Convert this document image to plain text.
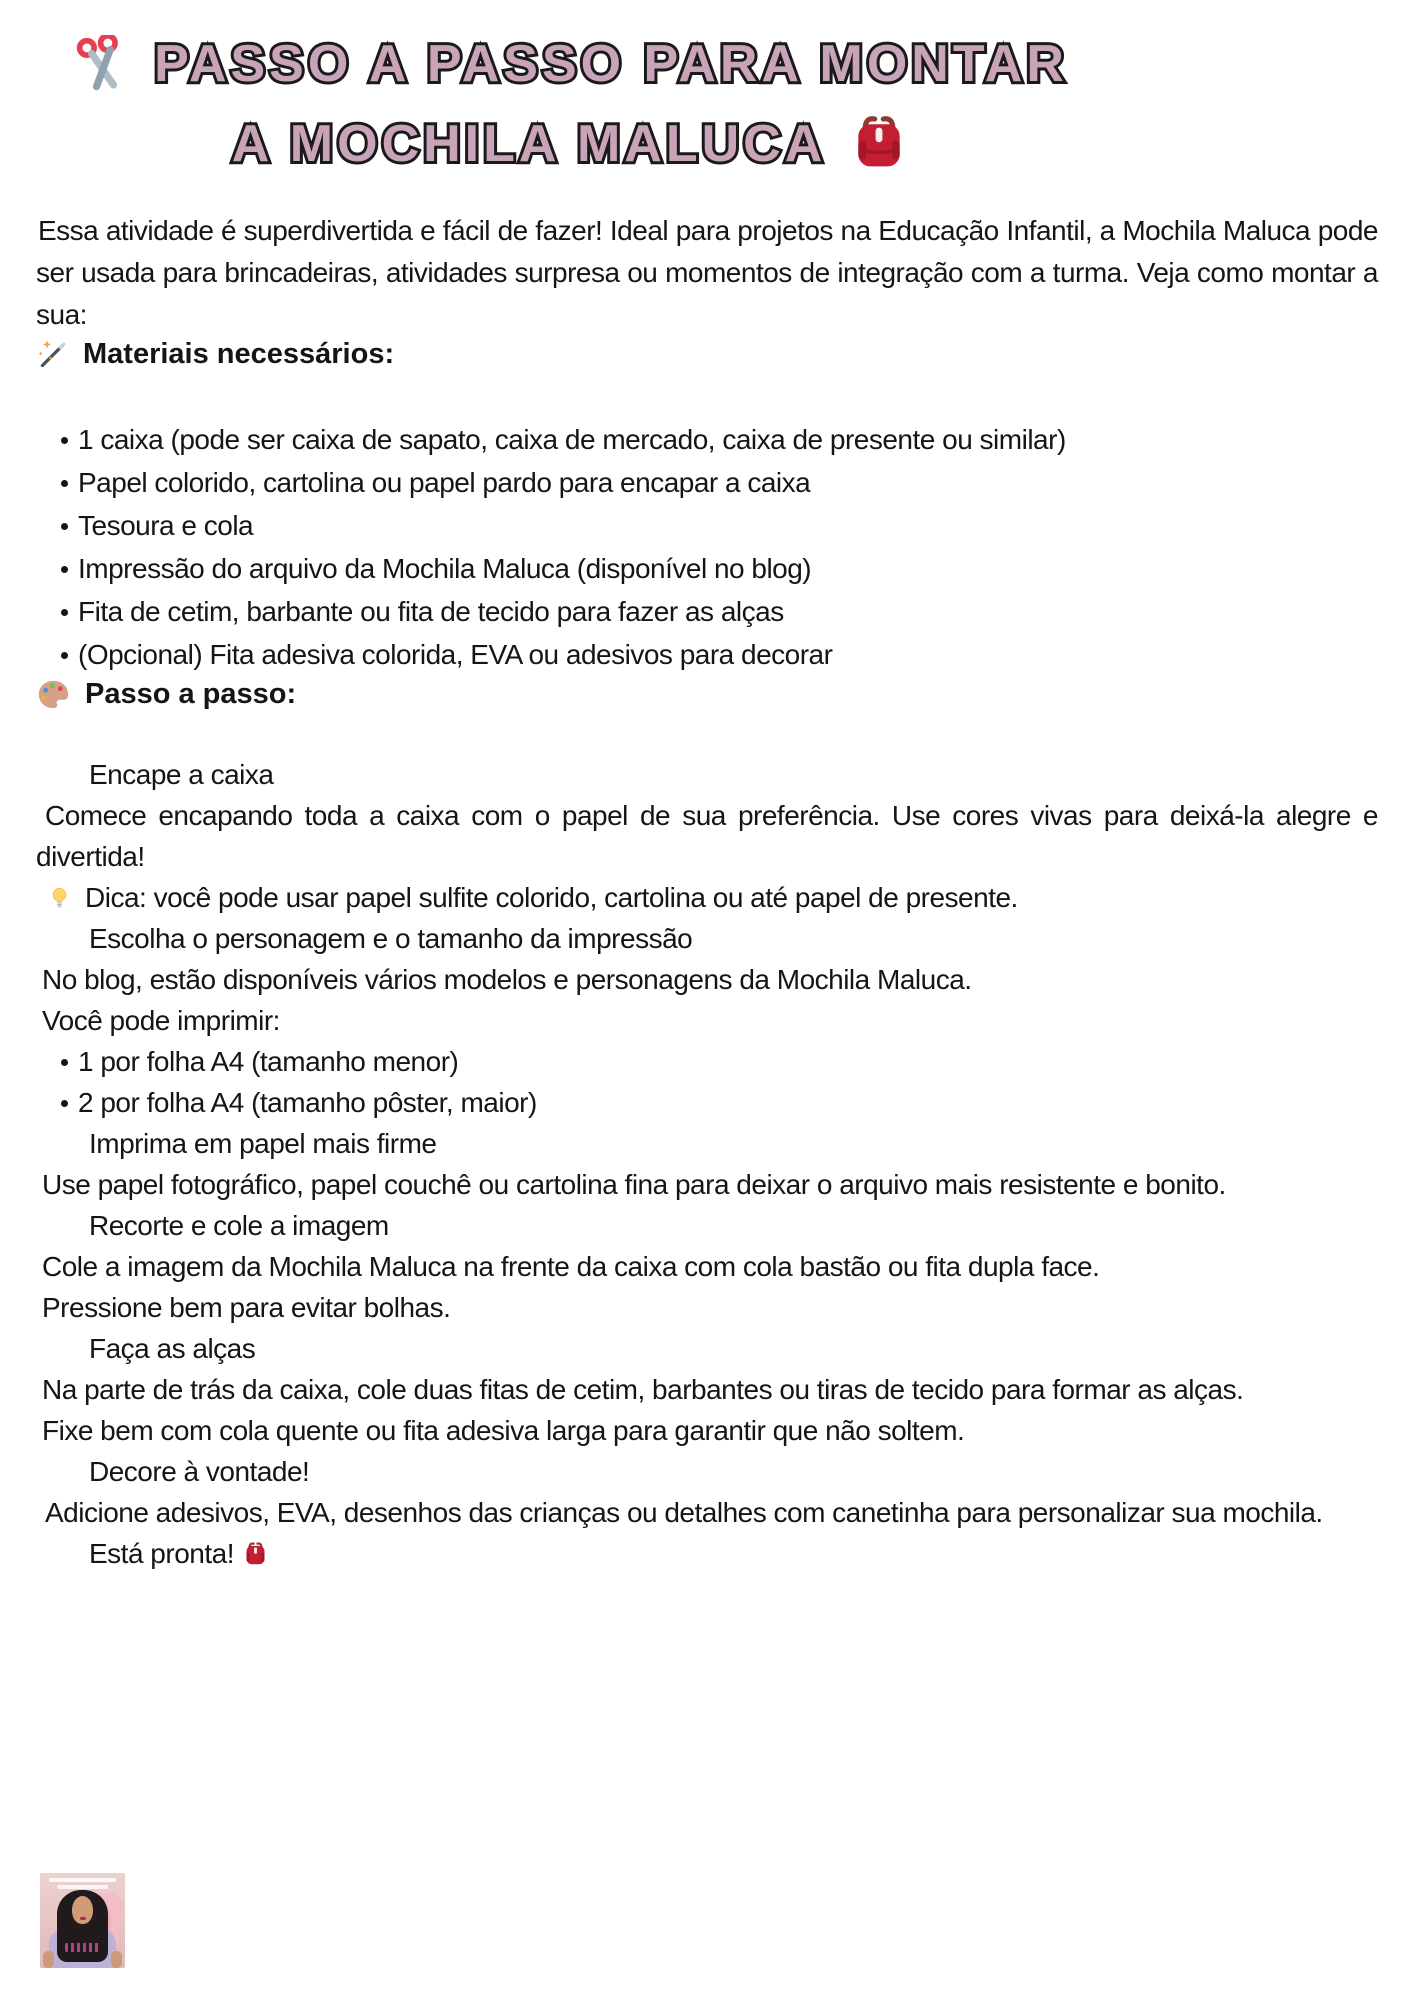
PASSO A PASSO PARA MONTAR
A MOCHILA MALUCA

Essa atividade é superdivertida e fácil de fazer! Ideal para projetos na Educação Infantil, a Mochila Maluca pode ser usada para brincadeiras, atividades surpresa ou momentos de integração com a turma. Veja como montar a sua:

Materiais necessários:
1 caixa (pode ser caixa de sapato, caixa de mercado, caixa de presente ou similar)
Papel colorido, cartolina ou papel pardo para encapar a caixa
Tesoura e cola
Impressão do arquivo da Mochila Maluca (disponível no blog)
Fita de cetim, barbante ou fita de tecido para fazer as alças
(Opcional) Fita adesiva colorida, EVA ou adesivos para decorar
Passo a passo:

Encape a caixa

Comece encapando toda a caixa com o papel de sua preferência. Use cores vivas para deixá-la alegre e divertida!

Dica: você pode usar papel sulfite colorido, cartolina ou até papel de presente.

Escolha o personagem e o tamanho da impressão

No blog, estão disponíveis vários modelos e personagens da Mochila Maluca.

Você pode imprimir:

1 por folha A4 (tamanho menor)
2 por folha A4 (tamanho pôster, maior)

Imprima em papel mais firme

Use papel fotográfico, papel couchê ou cartolina fina para deixar o arquivo mais resistente e bonito.

Recorte e cole a imagem

Cole a imagem da Mochila Maluca na frente da caixa com cola bastão ou fita dupla face.

Pressione bem para evitar bolhas.

Faça as alças

Na parte de trás da caixa, cole duas fitas de cetim, barbantes ou tiras de tecido para formar as alças.

Fixe bem com cola quente ou fita adesiva larga para garantir que não soltem.

Decore à vontade!

Adicione adesivos, EVA, desenhos das crianças ou detalhes com canetinha para personalizar sua mochila.

Está pronta!
